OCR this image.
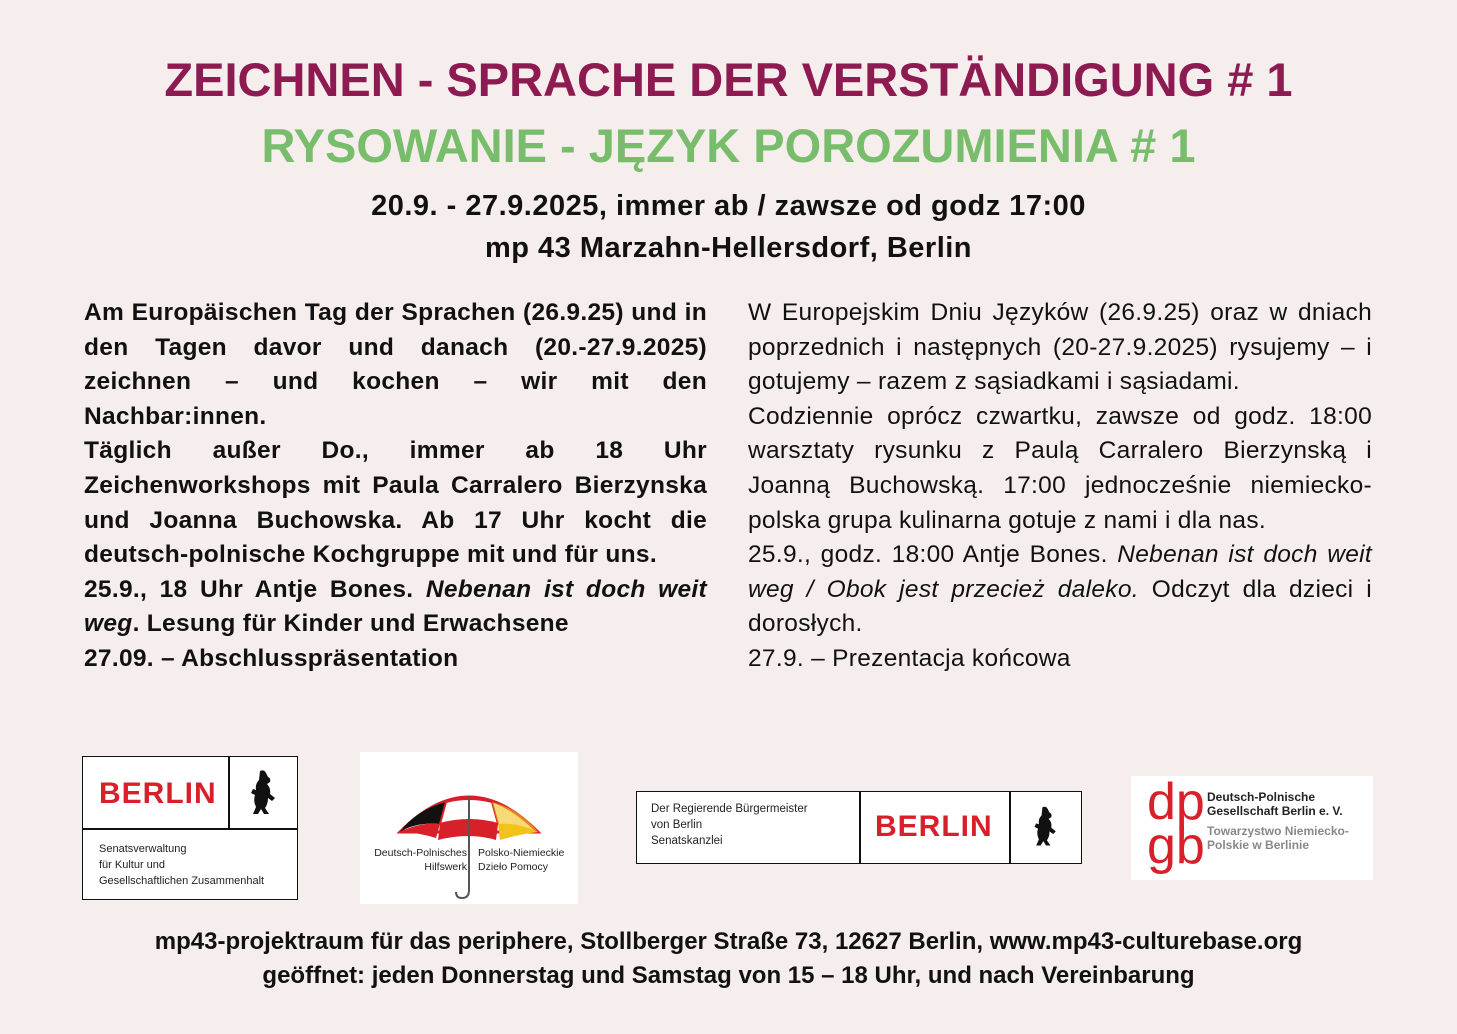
ZEICHNEN - SPRACHE DER VERSTÄNDIGUNG # 1
RYSOWANIE - JĘZYK POROZUMIENIA # 1
20.9. - 27.9.2025, immer ab / zawsze od godz 17:00
mp 43 Marzahn-Hellersdorf, Berlin

Am Europäischen Tag der Sprachen (26.9.25) und in den Tagen davor und danach (20.-27.9.2025) zeichnen – und kochen – wir mit den Nachbar:innen.

Täglich außer Do., immer ab 18 Uhr Zeichenworkshops mit Paula Carralero Bierzynska und Joanna Buchowska. Ab 17 Uhr kocht die deutsch-polnische Kochgruppe mit und für uns.

25.9., 18 Uhr Antje Bones. Nebenan ist doch weit weg. Lesung für Kinder und Erwachsene

27.09. – Abschlusspräsentation

W Europejskim Dniu Języków (26.9.25) oraz w dniach poprzednich i następnych (20-27.9.2025) rysujemy – i gotujemy – razem z sąsiadkami i sąsiadami.

Codziennie oprócz czwartku, zawsze od godz. 18:00 warsztaty rysunku z Paulą Carralero Bierzynską i Joanną Buchowską. 17:00 jednocześnie niemiecko-polska grupa kulinarna gotuje z nami i dla nas.

25.9., godz. 18:00 Antje Bones. Nebenan ist doch weit weg / Obok jest przecież daleko. Odczyt dla dzieci i dorosłych.

27.9. – Prezentacja końcowa

BERLIN
Senatsverwaltung
für Kultur und
Gesellschaftlichen Zusammenhalt
Deutsch-Polnisches
Hilfswerk
Polsko-Niemieckie
Dzieło Pomocy
Der Regierende Bürgermeister
von Berlin
Senatskanzlei	BERLIN	dp
gb
Deutsch-Polnische
Gesellschaft Berlin e. V.
Towarzystwo Niemiecko-
Polskie w Berlinie
mp43-projektraum für das periphere, Stollberger Straße 73, 12627 Berlin, www.mp43-culturebase.org
geöffnet: jeden Donnerstag und Samstag von 15 – 18 Uhr, und nach Vereinbarung
